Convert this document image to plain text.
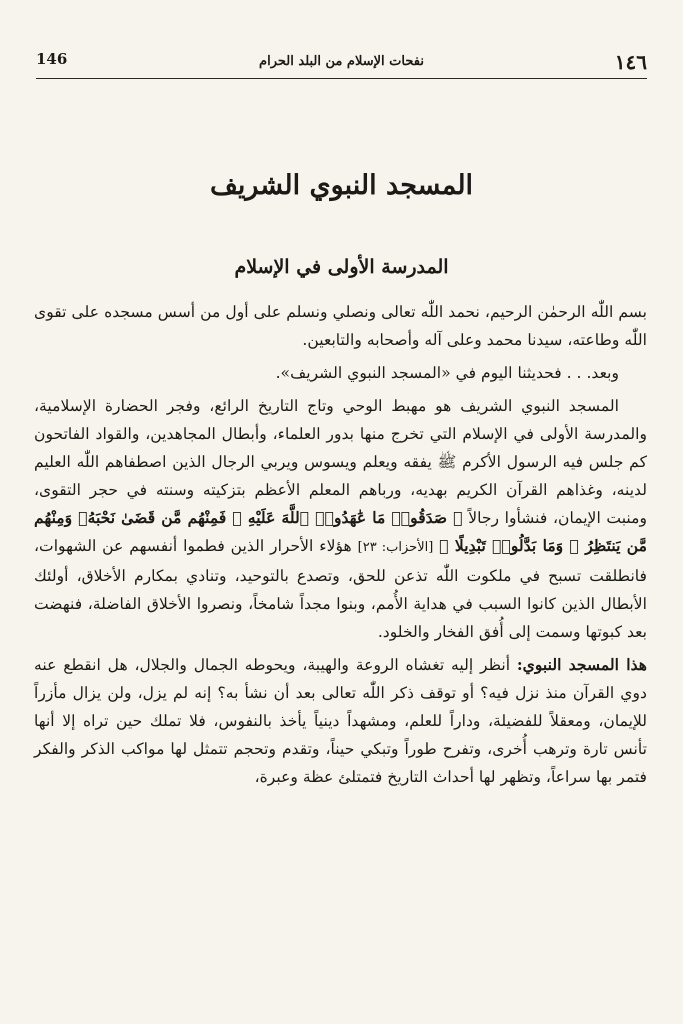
١٤٦
نفحات الإسلام من البلد الحرام
146
المسجد النبوي الشريف
المدرسة الأولى في الإسلام

بسم اللّٰه الرحمٰن الرحيم، نحمد اللّٰه تعالى ونصلي ونسلم على أول من أسس مسجده على تقوى اللّٰه وطاعته، سيدنا محمد وعلى آله وأصحابه والتابعين.

وبعد. . . فحديثنا اليوم في «المسجد النبوي الشريف».

المسجد النبوي الشريف هو مهبط الوحي وتاج التاريخ الرائع، وفجر الحضارة الإسلامية، والمدرسة الأولى في الإسلام التي تخرج منها بدور العلماء، وأبطال المجاهدين، والقواد الفاتحون كم جلس فيه الرسول الأكرم ﷺ يفقه ويعلم ويسوس ويربي الرجال الذين اصطفاهم اللّٰه العليم لدينه، وغذاهم القرآن الكريم بهديه، ورباهم المعلم الأعظم بتزكيته وسنته في حجر التقوى، ومنبت الإيمان، فنشأوا رجالاً ﴿ صَدَقُوا۟ مَا عَٰهَدُوا۟ ٱللَّهَ عَلَيْهِ ۖ فَمِنْهُم مَّن قَضَىٰ نَحْبَهُۥ وَمِنْهُم مَّن يَنتَظِرُ ۖ وَمَا بَدَّلُوا۟ تَبْدِيلًا ﴾ [الأحزاب: ٢٣] هؤلاء الأحرار الذين فطموا أنفسهم عن الشهوات، فانطلقت تسبح في ملكوت اللّٰه تذعن للحق، وتصدع بالتوحيد، وتنادي بمكارم الأخلاق، أولئك الأبطال الذين كانوا السبب في هداية الأُمم، وبنوا مجداً شامخاً، ونصروا الأخلاق الفاضلة، فنهضت بعد كبوتها وسمت إلى أُفق الفخار والخلود.

هذا المسجد النبوي: أنظر إليه تغشاه الروعة والهيبة، ويحوطه الجمال والجلال، هل انقطع عنه دوي القرآن منذ نزل فيه؟ أو توقف ذكر اللّٰه تعالى بعد أن نشأ به؟ إنه لم يزل، ولن يزال مأزراً للإيمان، ومعقلاً للفضيلة، وداراً للعلم، ومشهداً دينياً يأخذ بالنفوس، فلا تملك حين تراه إلا أنها تأنس تارة وترهب أُخرى، وتفرح طوراً وتبكي حيناً، وتقدم وتحجم تتمثل لها مواكب الذكر والفكر فتمر بها سراعاً، وتظهر لها أحداث التاريخ فتمتلئ عظة وعبرة،
